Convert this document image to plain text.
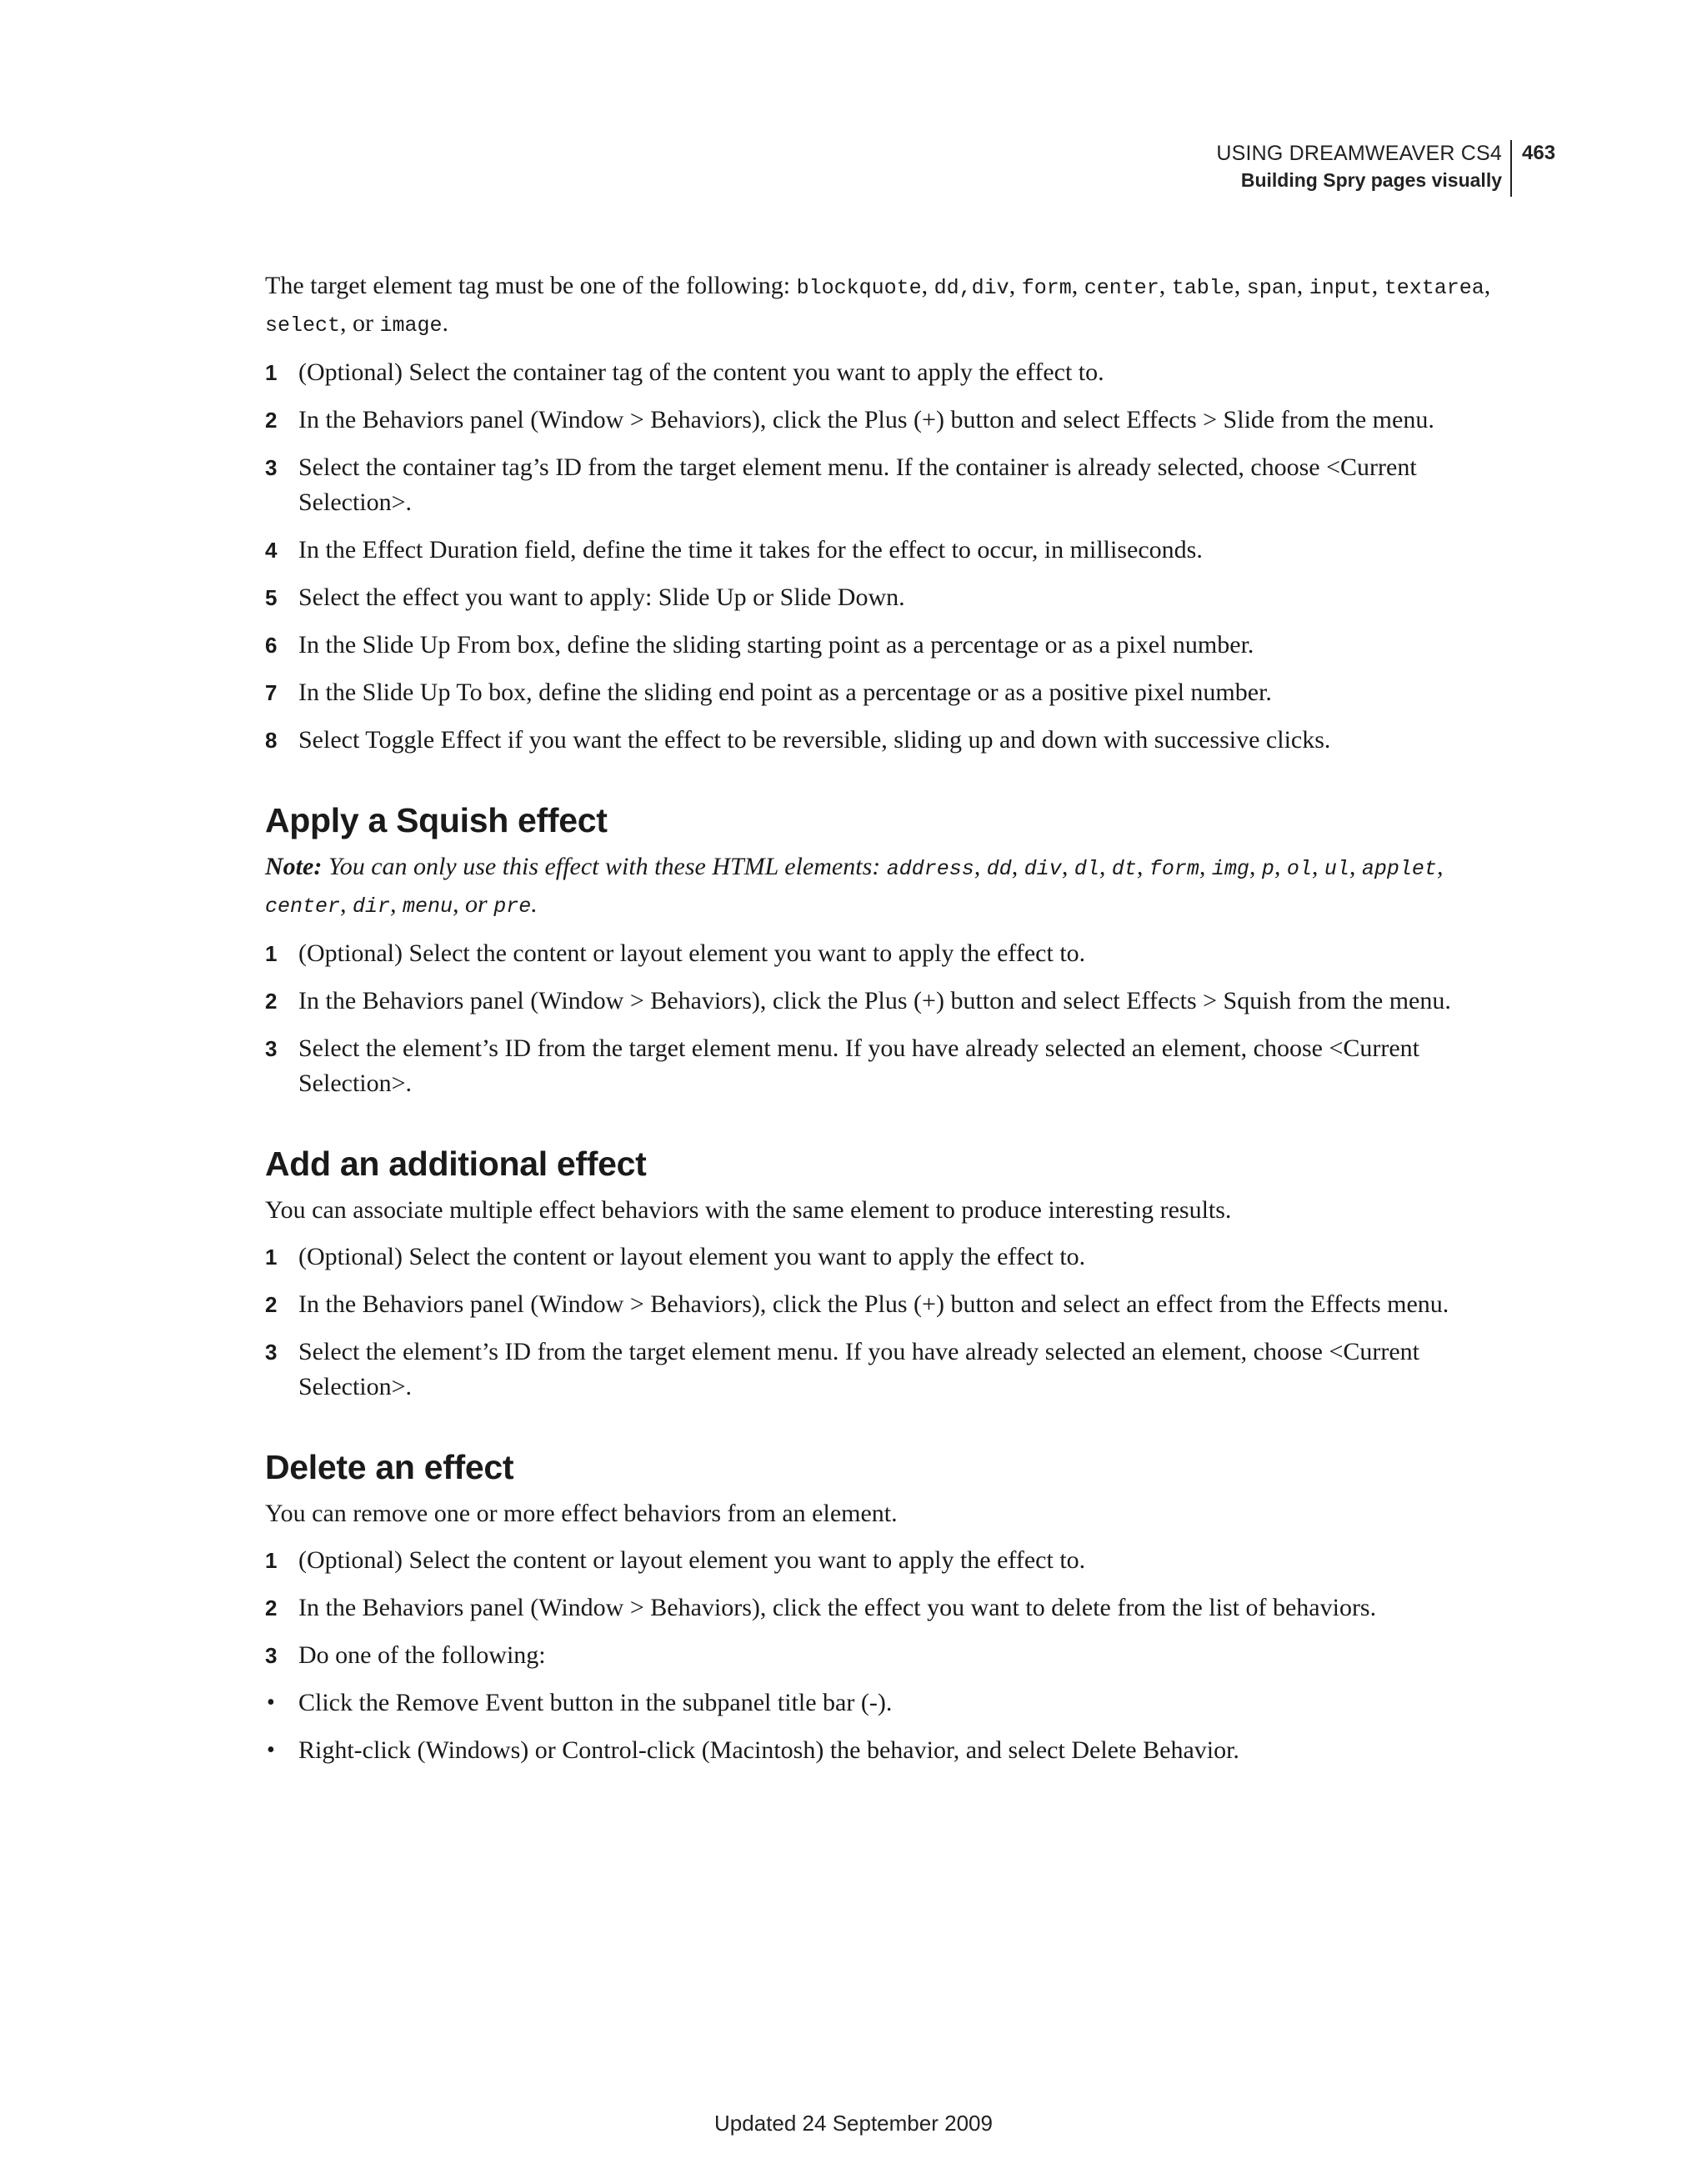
USING DREAMWEAVER CS4
Building Spry pages visually
463

The target element tag must be one of the following: blockquote, dd,div, form, center, table, span, input, textarea, select, or image.

1 (Optional) Select the container tag of the content you want to apply the effect to.
2 In the Behaviors panel (Window > Behaviors), click the Plus (+) button and select Effects > Slide from the menu.
3 Select the container tag’s ID from the target element menu. If the container is already selected, choose <Current Selection>.
4 In the Effect Duration field, define the time it takes for the effect to occur, in milliseconds.
5 Select the effect you want to apply: Slide Up or Slide Down.
6 In the Slide Up From box, define the sliding starting point as a percentage or as a pixel number.
7 In the Slide Up To box, define the sliding end point as a percentage or as a positive pixel number.
8 Select Toggle Effect if you want the effect to be reversible, sliding up and down with successive clicks.
Apply a Squish effect

Note: You can only use this effect with these HTML elements: address, dd, div, dl, dt, form, img, p, ol, ul, applet, center, dir, menu, or pre.

1 (Optional) Select the content or layout element you want to apply the effect to.
2 In the Behaviors panel (Window > Behaviors), click the Plus (+) button and select Effects > Squish from the menu.
3 Select the element’s ID from the target element menu. If you have already selected an element, choose <Current Selection>.
Add an additional effect

You can associate multiple effect behaviors with the same element to produce interesting results.

1 (Optional) Select the content or layout element you want to apply the effect to.
2 In the Behaviors panel (Window > Behaviors), click the Plus (+) button and select an effect from the Effects menu.
3 Select the element’s ID from the target element menu. If you have already selected an element, choose <Current Selection>.
Delete an effect

You can remove one or more effect behaviors from an element.

1 (Optional) Select the content or layout element you want to apply the effect to.
2 In the Behaviors panel (Window > Behaviors), click the effect you want to delete from the list of behaviors.
3 Do one of the following:
• Click the Remove Event button in the subpanel title bar (-).
• Right-click (Windows) or Control-click (Macintosh) the behavior, and select Delete Behavior.
Updated 24 September 2009
